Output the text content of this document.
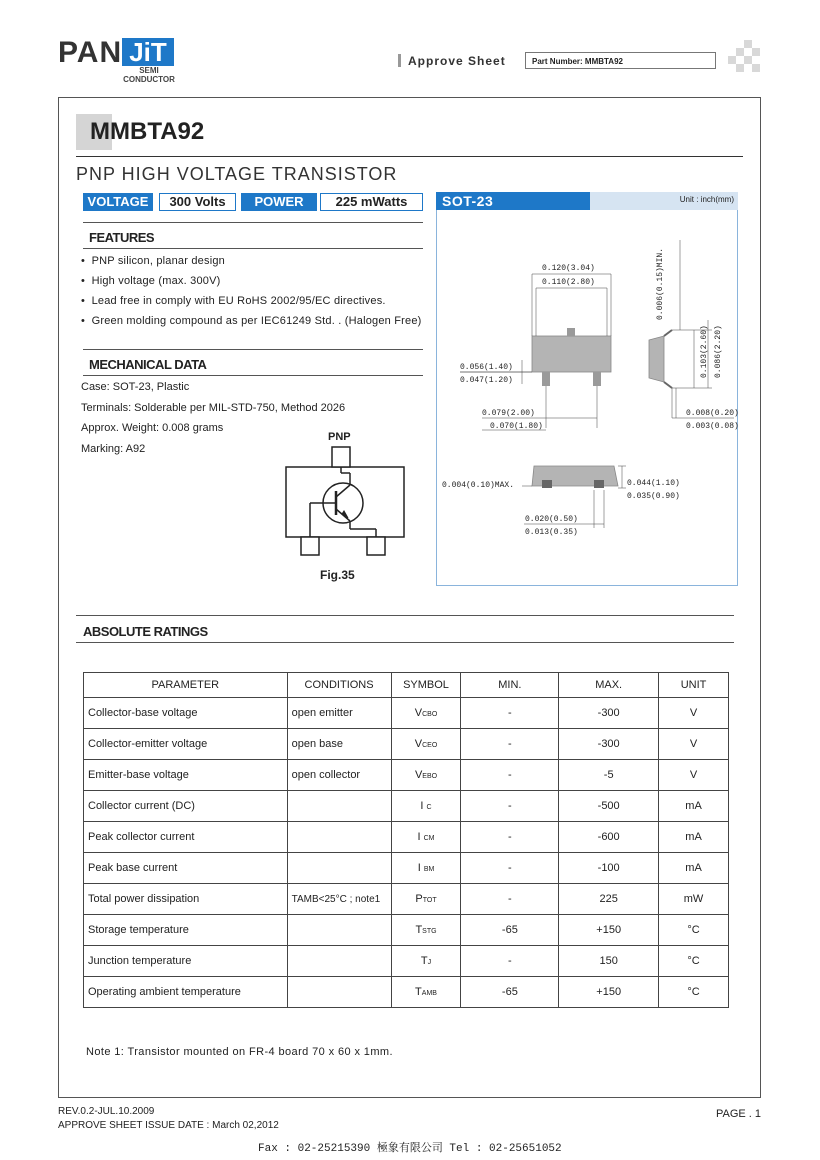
PAN JiT
SEMI
CONDUCTOR
Approve Sheet	Part Number: MMBTA92
MMBTA92
PNP HIGH VOLTAGE TRANSISTOR
VOLTAGE	300 Volts	POWER	225 mWatts
FEATURES
•  PNP silicon, planar design
•  High voltage (max. 300V)
•  Lead free in comply with EU RoHS 2002/95/EC directives.
•  Green molding compound as per IEC61249 Std. . (Halogen Free)
MECHANICAL DATA
Case: SOT-23, Plastic
Terminals: Solderable per MIL-STD-750, Method 2026
Approx. Weight: 0.008 grams
Marking: A92
PNP
Fig.35
SOT-23	Unit : inch(mm)
0.120(3.04)
0.110(2.80)	0.006(0.15)MIN.
0.056(1.40)
0.047(1.20)
0.103(2.60) 0.086(2.20)
0.079(2.00)
0.070(1.80)
0.008(0.20)
0.003(0.08)
0.004(0.10)MAX.	0.044(1.10)
0.035(0.90)
0.020(0.50)
0.013(0.35)
ABSOLUTE RATINGS
PARAMETER	CONDITIONS	SYMBOL	MIN.	MAX.	UNIT
Collector-base voltage	open emitter	VCBO	-	-300	V
Collector-emitter voltage	open base	VCEO	-	-300	V
Emitter-base voltage	open collector	VEBO	-	-5	V
Collector current (DC)		I C	-	-500	mA
Peak collector current		I CM	-	-600	mA
Peak base current		I BM	-	-100	mA
Total power dissipation	TAMB<25°C ; note1	PTOT	-	225	mW
Storage temperature		TSTG	-65	+150	°C
Junction temperature		TJ	-	150	°C
Operating ambient temperature		TAMB	-65	+150	°C
Note 1: Transistor mounted on FR-4 board 70 x 60 x 1mm.
REV.0.2-JUL.10.2009
APPROVE SHEET ISSUE DATE : March 02,2012
PAGE . 1
Fax : 02-25215390 極象有限公司 Tel : 02-25651052
